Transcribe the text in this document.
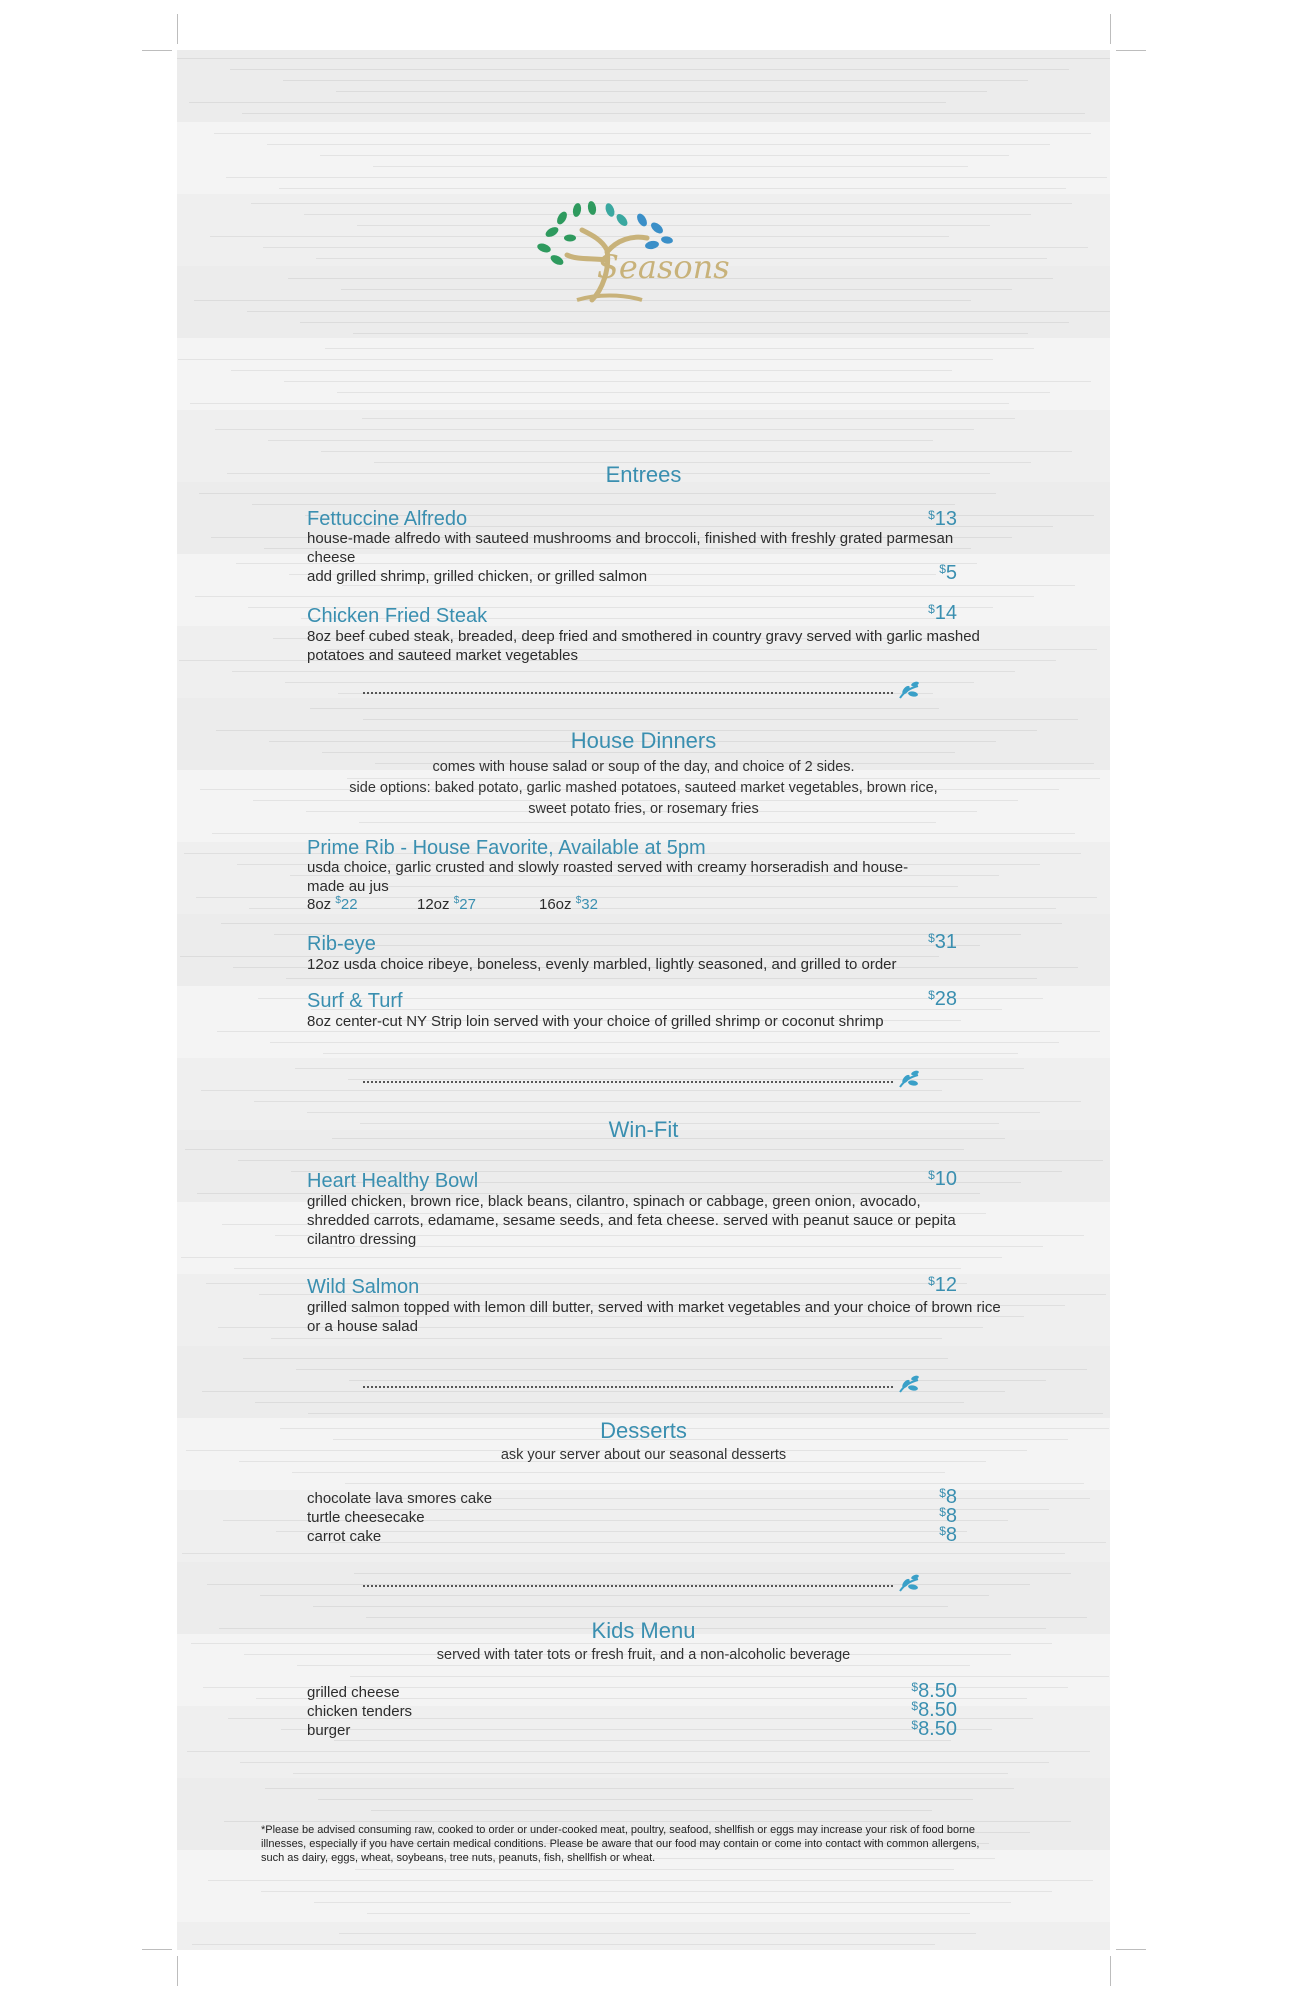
Seasons
Entrees
Fettuccine Alfredo	$13
house-made alfredo with sauteed mushrooms and broccoli, finished with freshly grated parmesan cheese
add grilled shrimp, grilled chicken, or grilled salmon	$5
Chicken Fried Steak	$14
8oz beef cubed steak, breaded, deep fried and smothered in country gravy served with garlic mashed potatoes and sauteed market vegetables
House Dinners
comes with house salad or soup of the day, and choice of 2 sides.
side options: baked potato, garlic mashed potatoes, sauteed market vegetables, brown rice,
sweet potato fries, or rosemary fries
Prime Rib - House Favorite, Available at 5pm
usda choice, garlic crusted and slowly roasted served with creamy horseradish and house- made au jus
8oz $22	12oz $27	16oz $32
Rib-eye	$31
12oz usda choice ribeye, boneless, evenly marbled, lightly seasoned, and grilled to order
Surf & Turf	$28
8oz center-cut NY Strip loin served with your choice of grilled shrimp or coconut shrimp
Win-Fit
Heart Healthy Bowl	$10
grilled chicken, brown rice, black beans, cilantro, spinach or cabbage, green onion, avocado, shredded carrots, edamame, sesame seeds, and feta cheese. served with peanut sauce or pepita cilantro dressing
Wild Salmon	$12
grilled salmon topped with lemon dill butter, served with market vegetables and your choice of brown rice or a house salad
Desserts
ask your server about our seasonal desserts
chocolate lava smores cake	$8
turtle cheesecake	$8
carrot cake	$8
Kids Menu
served with tater tots or fresh fruit, and a non-alcoholic beverage
grilled cheese	$8.50
chicken tenders	$8.50
burger	$8.50
*Please be advised consuming raw, cooked to order or under-cooked meat, poultry, seafood, shellfish or eggs may increase your risk of food borne illnesses, especially if you have certain medical conditions. Please be aware that our food may contain or come into contact with common allergens, such as dairy, eggs, wheat, soybeans, tree nuts, peanuts, fish, shellfish or wheat.
